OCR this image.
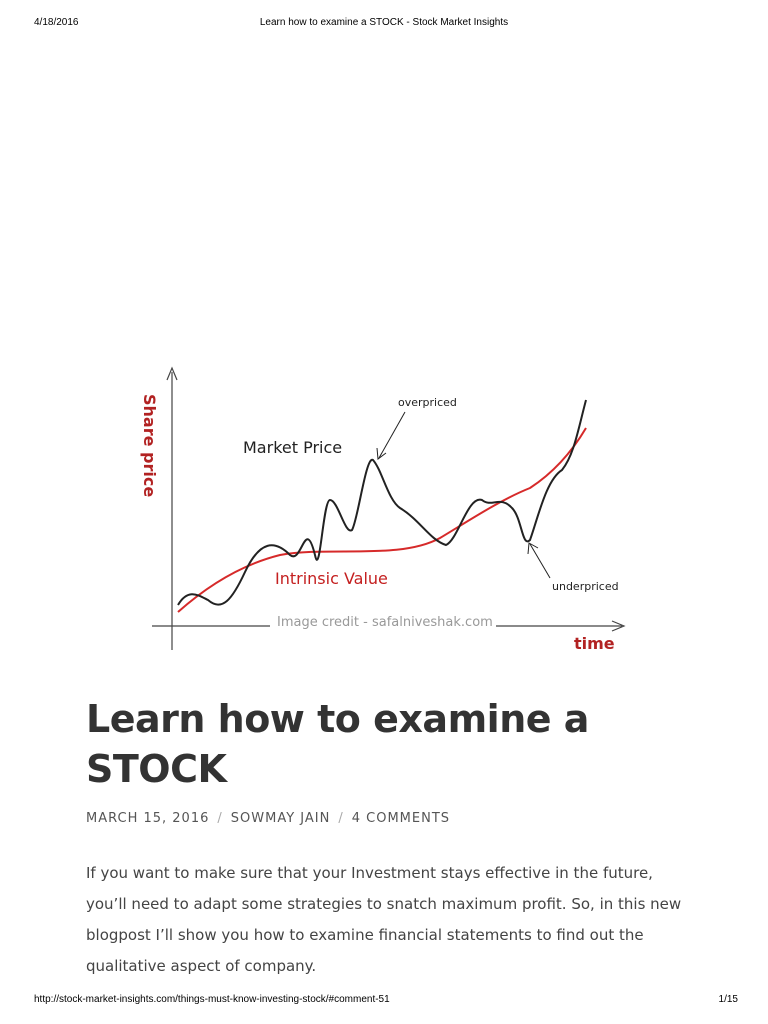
4/18/2016	Learn how to examine a STOCK - Stock Market Insights
Share price	Market Price
overpriced
Intrinsic Value	underpriced
Image credit - safalniveshak.com
time
Learn how to examine a STOCK
MARCH 15, 2016 / SOWMAY JAIN / 4 COMMENTS

If you want to make sure that your Investment stays effective in the future, you’ll need to adapt some strategies to snatch maximum profit. So, in this new blogpost I’ll show you how to examine financial statements to find out the qualitative aspect of company.

http://stock-market-insights.com/things-must-know-investing-stock/#comment-51	1/15
